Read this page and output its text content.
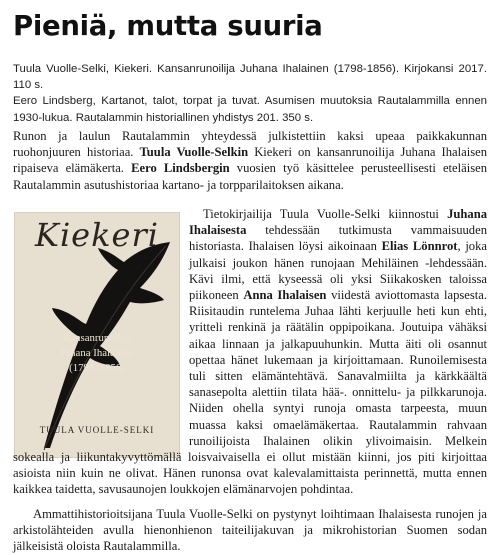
Pieniä, mutta suuria

Tuula Vuolle-Selki, Kiekeri. Kansanrunoilija Juhana Ihalainen (1798-1856). Kirjokansi 2017. 110 s.

Eero Lindsberg, Kartanot, talot, torpat ja tuvat. Asumisen muutoksia Rautalammilla ennen 1930-lukua. Rautalammin historiallinen yhdistys 201. 350 s.

Runon ja laulun Rautalammin yhteydessä julkistettiin kaksi upeaa paikkakunnan ruohonjuuren historiaa. Tuula Vuolle-Selkin Kiekeri on kansanrunoilija Juhana Ihalaisen ripaiseva elämäkerta. Eero Lindsbergin vuosien työ käsittelee perusteellisesti eteläisen Rautalammin asutushistoriaa kartano- ja torpparilaitoksen aikana.

Kiekeri
Kansanrunoilija
Juhana Ihalainen
(1798–1856)
TUULA VUOLLE-SELKI

Tietokirjailija Tuula Vuolle-Selki kiinnostui Juhana Ihalaisesta tehdessään tutkimusta vammaisuuden historiasta. Ihalaisen löysi aikoinaan Elias Lönnrot, joka julkaisi joukon hänen runojaan Mehiläinen -lehdessään. Kävi ilmi, että kyseessä oli yksi Siikakosken taloissa piikoneen Anna Ihalaisen viidestä aviottomasta lapsesta. Riisitaudin runtelema Juhaa lähti kerjuulle heti kun ehti, yritteli renkinä ja räätälin oppipoikana. Joutuipa vähäksi aikaa linnaan ja jalkapuuhunkin. Mutta äiti oli osannut opettaa hänet lukemaan ja kirjoittamaan. Runoilemisesta tuli sitten elämäntehtävä. Sanavalmiilta ja kärkkäältä sanasepolta alettiin tilata hää-. onnittelu- ja pilkkarunoja. Niiden ohella syntyi runoja omasta tarpeesta, muun muassa kaksi omaelämäkertaa. Rautalammin rahvaan runoilijoista Ihalainen olikin ylivoimaisin. Melkein sokealla ja liikuntakyvyttömällä loisvaivaisella ei ollut mistään kiinni, jos piti kirjoittaa asioista niin kuin ne olivat. Hänen runonsa ovat kalevalamittaista perinnettä, mutta ennen kaikkea taidetta, savusaunojen loukkojen elämänarvojen pohdintaa.

Ammattihistorioitsijana Tuula Vuolle-Selki on pystynyt loihtimaan Ihalaisesta runojen ja arkistolähteiden avulla hienonhienon taiteilijakuvan ja mikrohistorian Suomen sodan jälkeisistä oloista Rautalammilla.
